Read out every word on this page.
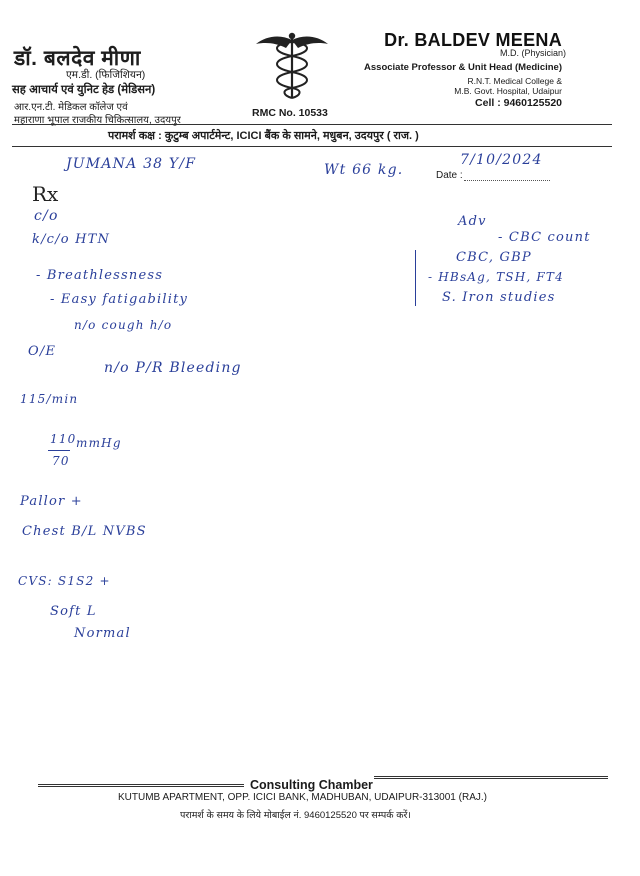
डॉ. बलदेव मीणा
एम.डी. (फिजिशियन)
सह आचार्य एवं युनिट हेड (मेडिसन)
आर.एन.टी. मेडिकल कॉलेज एवं
महाराणा भूपाल राजकीय चिकित्सालय, उदयपुर
RMC No. 10533
Dr. BALDEV MEENA
M.D. (Physician)
Associate Professor & Unit Head (Medicine)
R.N.T. Medical College &
M.B. Govt. Hospital, Udaipur
Cell : 9460125520
परामर्श कक्ष : कुटुम्ब अपार्टमेन्ट, ICICI बैंक के सामने, मधुबन, उदयपुर ( राज. )
Date :
JUMANA 38 Y/F	Wt 66 kg.
7/10/2024
Rx
c/o
k/c/o HTN
- Breathlessness
- Easy fatigability
n/o cough h/o
O/E
n/o P/R Bleeding
115/min
110
70
mmHg
Pallor +
Chest B/L NVBS
CVS: S1S2 +
Soft L
Normal
Adv
- CBC count
CBC, GBP
- HBsAg, TSH, FT4
S. Iron studies
Consulting Chamber
KUTUMB APARTMENT, OPP. ICICI BANK, MADHUBAN, UDAIPUR-313001 (RAJ.)
परामर्श के समय के लिये मोबाईल नं. 9460125520 पर सम्पर्क करें।
